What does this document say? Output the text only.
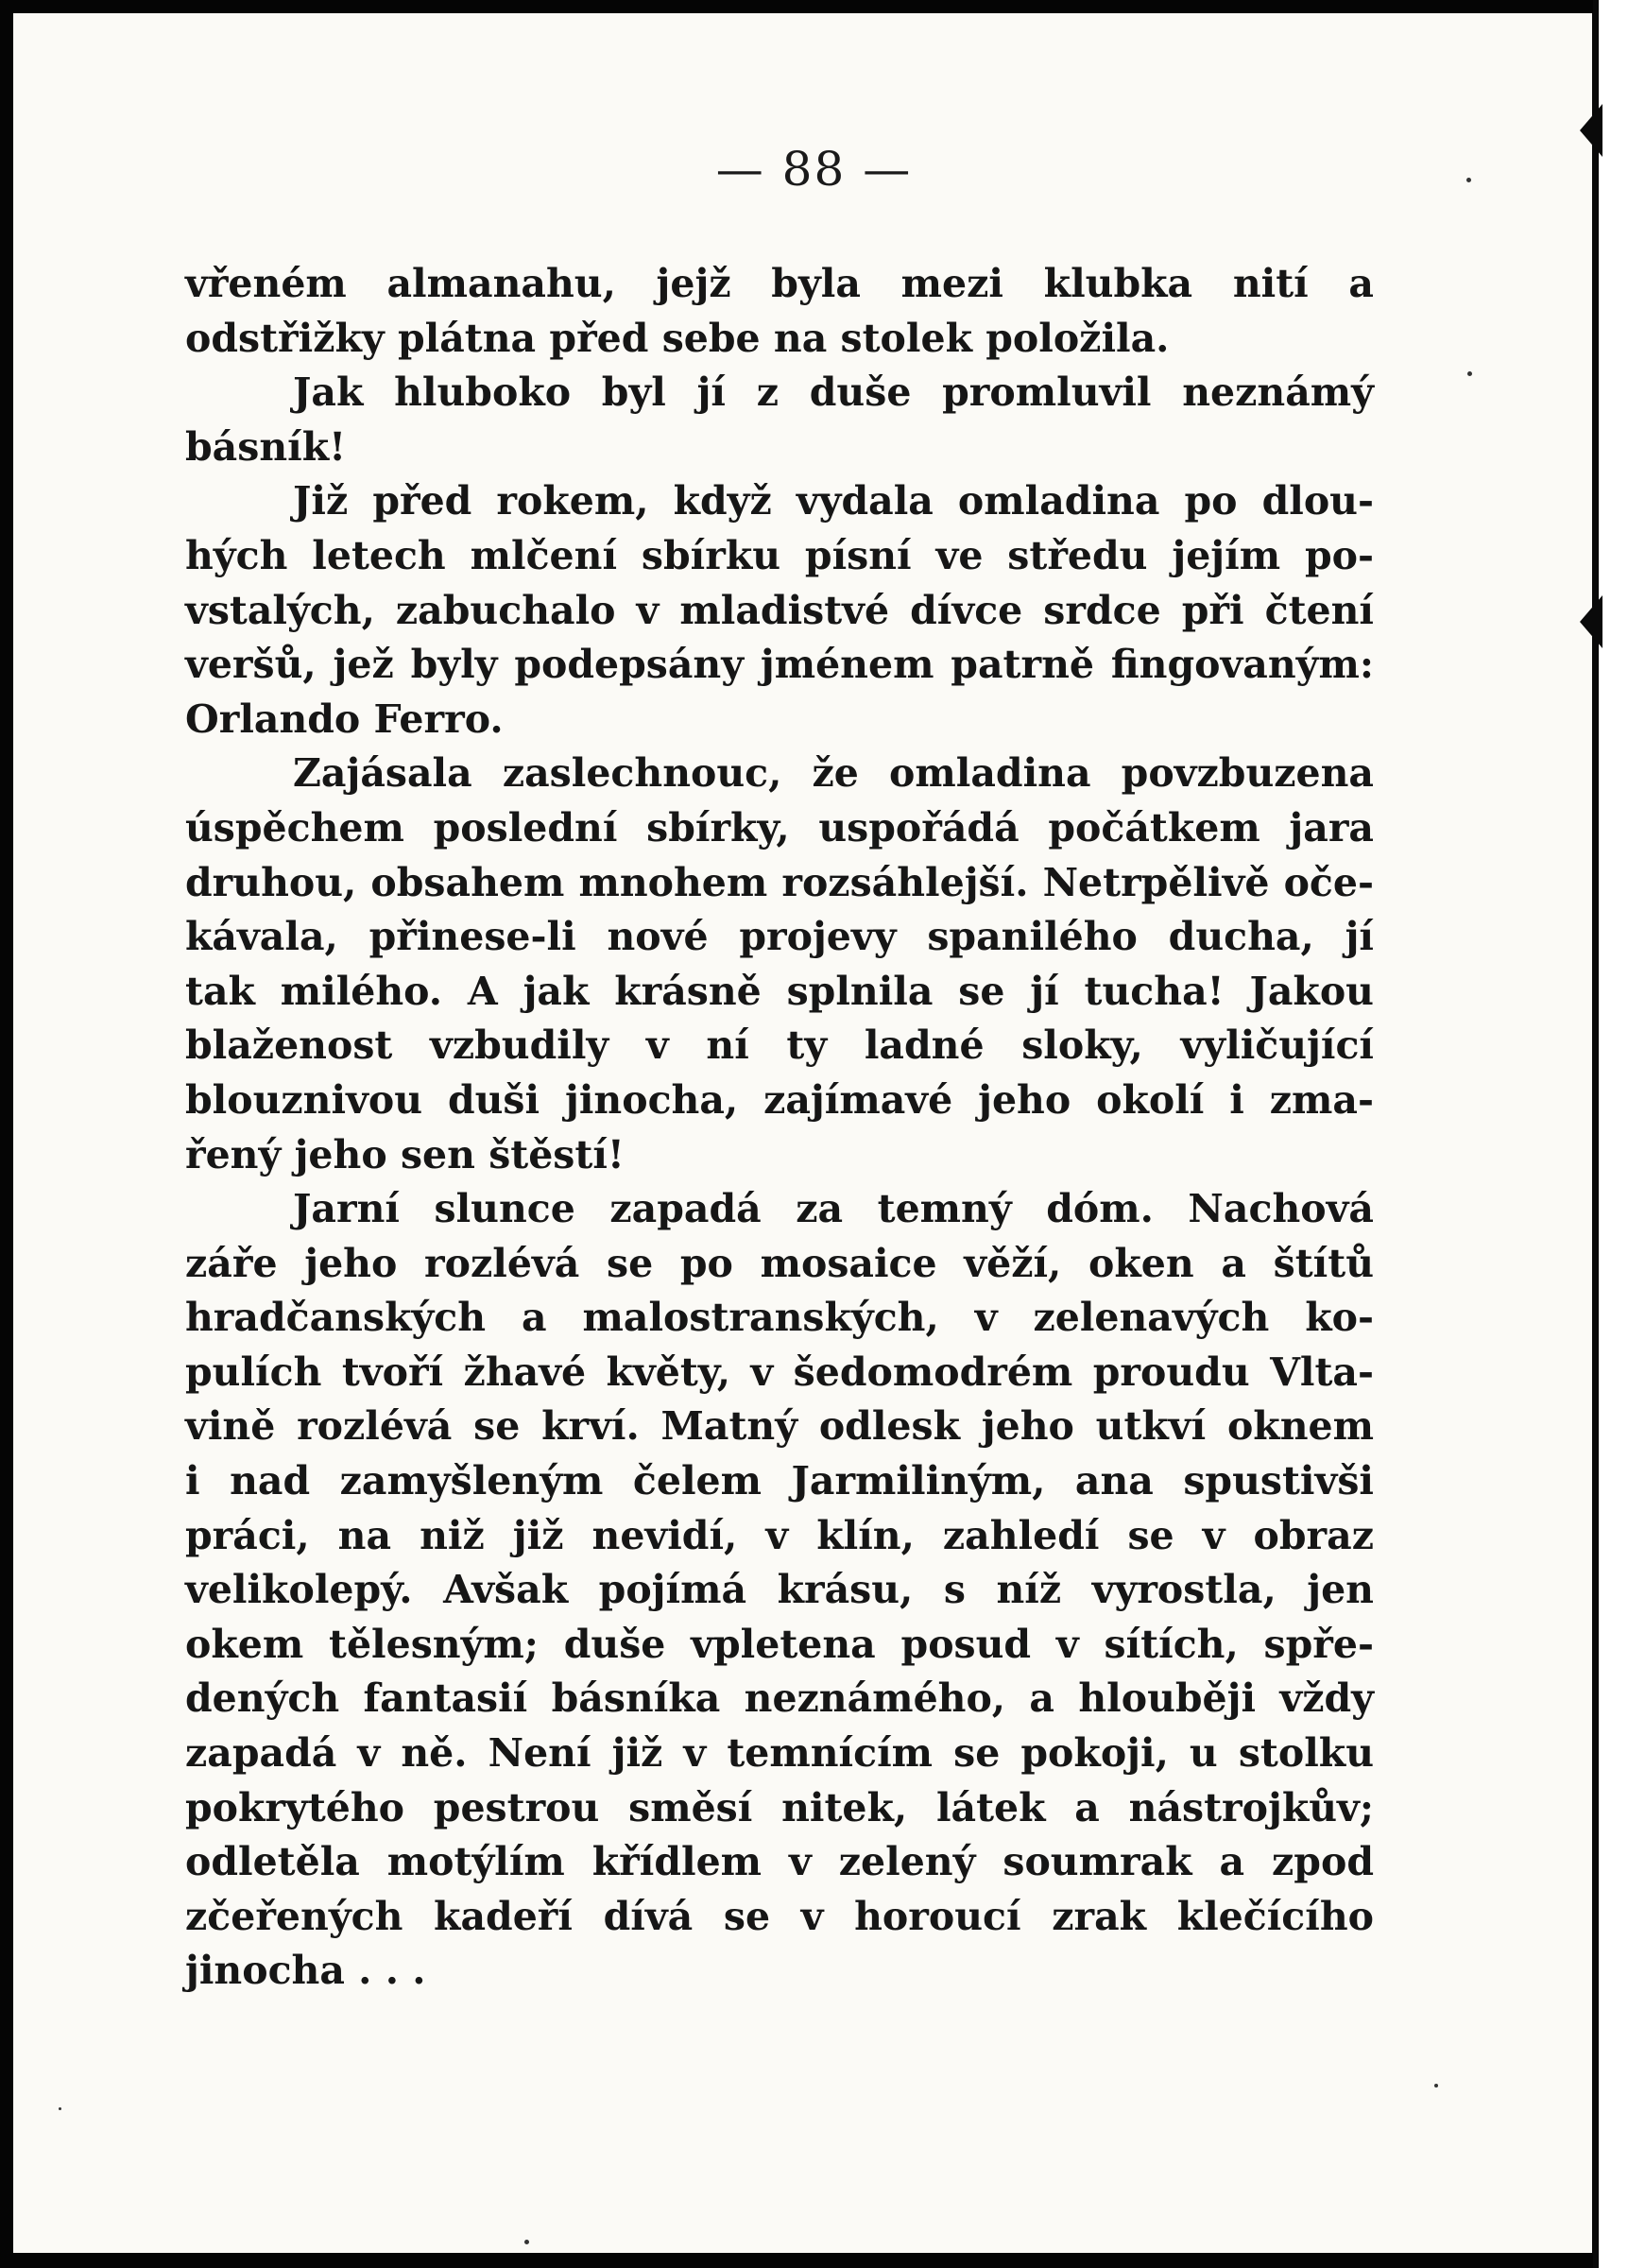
— 88 —
vřeném almanahu, jejž byla mezi klubka nití a
odstřižky plátna před sebe na stolek položila.
Jak hluboko byl jí z duše promluvil neznámý
básník!
Již před rokem, když vydala omladina po dlou-
hých letech mlčení sbírku písní ve středu jejím po-
vstalých, zabuchalo v mladistvé dívce srdce při čtení
veršů, jež byly podepsány jménem patrně fingovaným:
Orlando Ferro.
Zajásala zaslechnouc, že omladina povzbuzena
úspěchem poslední sbírky, uspořádá počátkem jara
druhou, obsahem mnohem rozsáhlejší. Netrpělivě oče-
kávala, přinese-li nové projevy spanilého ducha, jí
tak milého. A jak krásně splnila se jí tucha! Jakou
blaženost vzbudily v ní ty ladné sloky, vyličující
blouznivou duši jinocha, zajímavé jeho okolí i zma-
řený jeho sen štěstí!
Jarní slunce zapadá za temný dóm. Nachová
záře jeho rozlévá se po mosaice věží, oken a štítů
hradčanských a malostranských, v zelenavých ko-
pulích tvoří žhavé květy, v šedomodrém proudu Vlta-
vině rozlévá se krví. Matný odlesk jeho utkví oknem
i nad zamyšleným čelem Jarmiliným, ana spustivši
práci, na niž již nevidí, v klín, zahledí se v obraz
velikolepý. Avšak pojímá krásu, s níž vyrostla, jen
okem tělesným; duše vpletena posud v sítích, spře-
dených fantasií básníka neznámého, a hlouběji vždy
zapadá v ně. Není již v temnícím se pokoji, u stolku
pokrytého pestrou směsí nitek, látek a nástrojkův;
odletěla motýlím křídlem v zelený soumrak a zpod
zčeřených kadeří dívá se v horoucí zrak klečícího
jinocha . . .
